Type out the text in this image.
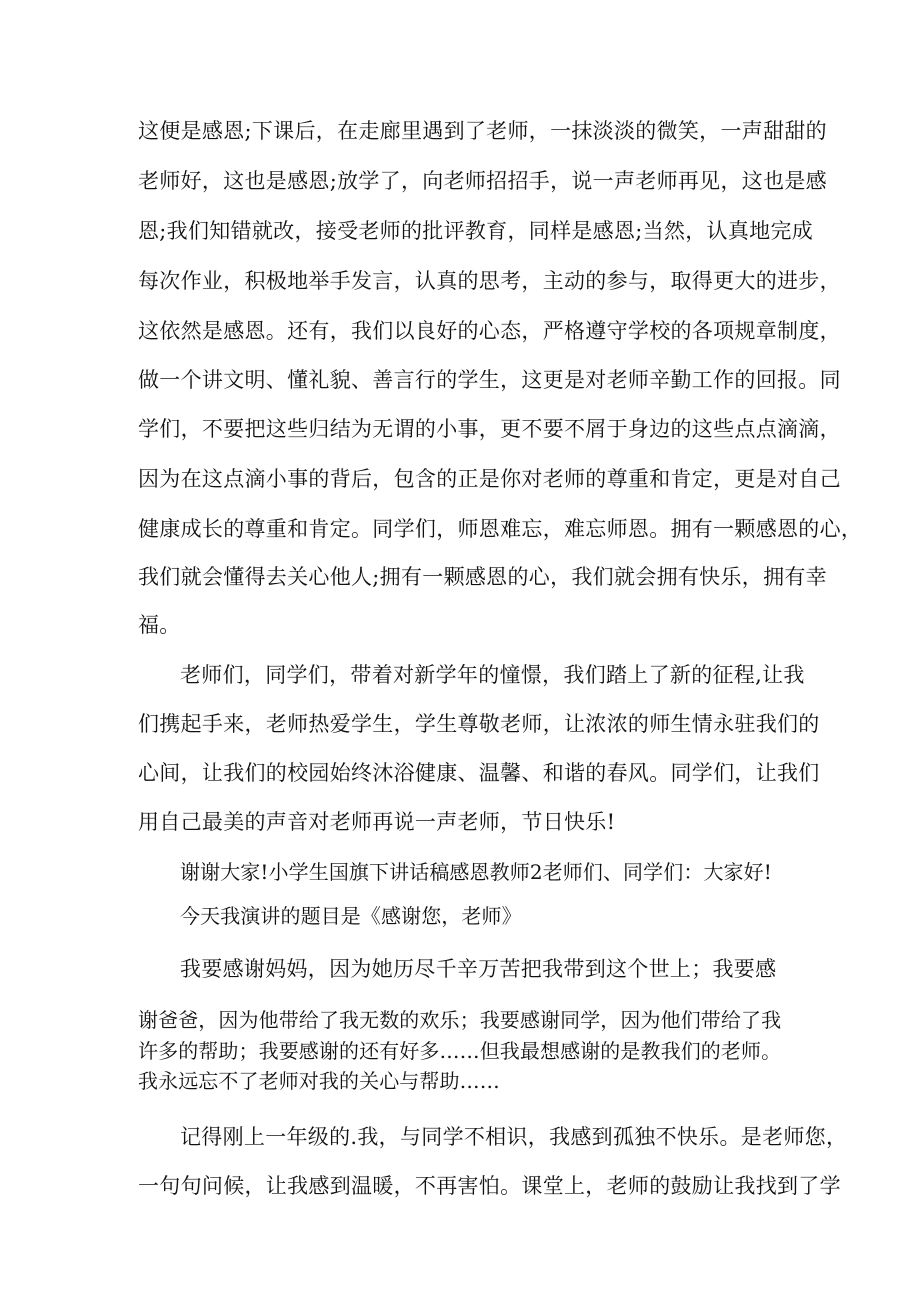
这便是感恩;下课后，在走廊里遇到了老师，一抹淡淡的微笑，一声甜甜的
老师好，这也是感恩;放学了，向老师招招手，说一声老师再见，这也是感
恩;我们知错就改，接受老师的批评教育，同样是感恩;当然，认真地完成
每次作业，积极地举手发言，认真的思考，主动的参与，取得更大的进步，
这依然是感恩。还有，我们以良好的心态，严格遵守学校的各项规章制度，
做一个讲文明、懂礼貌、善言行的学生，这更是对老师辛勤工作的回报。同
学们，不要把这些归结为无谓的小事，更不要不屑于身边的这些点点滴滴，
因为在这点滴小事的背后，包含的正是你对老师的尊重和肯定，更是对自己
健康成长的尊重和肯定。同学们，师恩难忘，难忘师恩。拥有一颗感恩的心，
我们就会懂得去关心他人;拥有一颗感恩的心，我们就会拥有快乐，拥有幸
福。
老师们，同学们，带着对新学年的憧憬，我们踏上了新的征程,让我
们携起手来，老师热爱学生，学生尊敬老师，让浓浓的师生情永驻我们的
心间，让我们的校园始终沐浴健康、温馨、和谐的春风。同学们，让我们
用自己最美的声音对老师再说一声老师，节日快乐!
谢谢大家!小学生国旗下讲话稿感恩教师2老师们、同学们：大家好!
今天我演讲的题目是《感谢您，老师》
我要感谢妈妈，因为她历尽千辛万苦把我带到这个世上；我要感
谢爸爸，因为他带给了我无数的欢乐；我要感谢同学，因为他们带给了我
许多的帮助；我要感谢的还有好多……但我最想感谢的是教我们的老师。
我永远忘不了老师对我的关心与帮助……
记得刚上一年级的.我，与同学不相识，我感到孤独不快乐。是老师您，
一句句问候，让我感到温暖，不再害怕。课堂上，老师的鼓励让我找到了学
